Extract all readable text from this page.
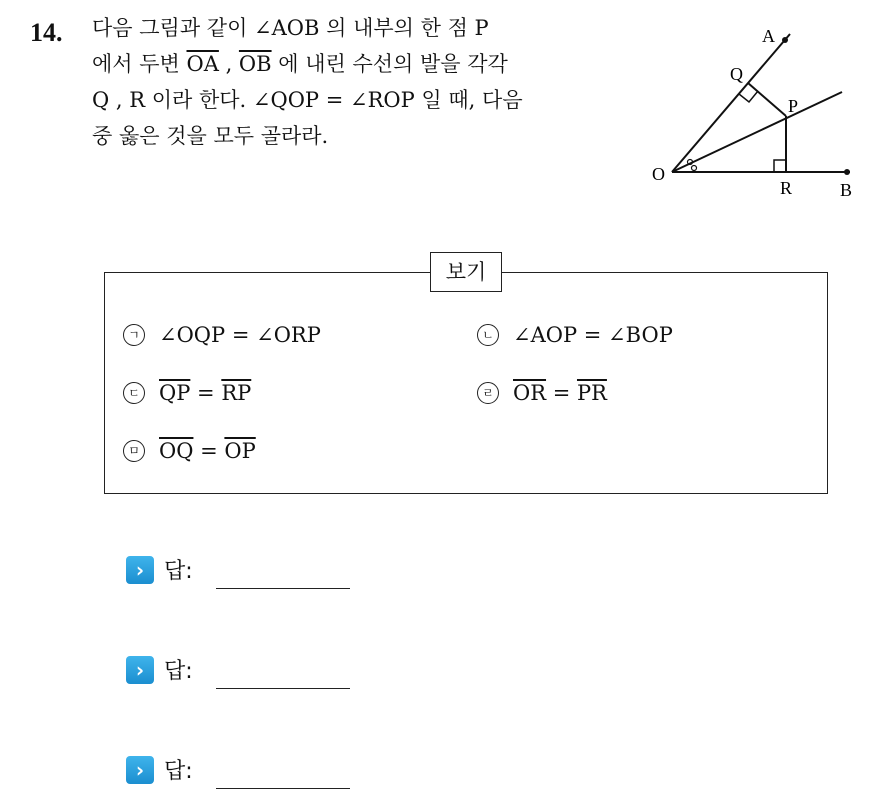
14. 다음 그림과 같이 ∠AOB 의 내부의 한 점 P
에서 두변 $\overline{OA}$ , $\overline{OB}$ 에 내린 수선의 발을 각각
Q , R 이라 한다. ∠QOP = ∠ROP 일 때, 다음
중 옳은 것을 모두 골라라.
A
Q
P
O
R	B
ㄱ ∠OQP = ∠ORP	ㄴ ∠AOP = ∠BOP
ㄷ $\overline{QP} = \overline{RP}$	ㄹ $\overline{OR} = \overline{PR}$
ㅁ $\overline{OQ} = \overline{OP}$
보기
› 답:
› 답:
› 답:
